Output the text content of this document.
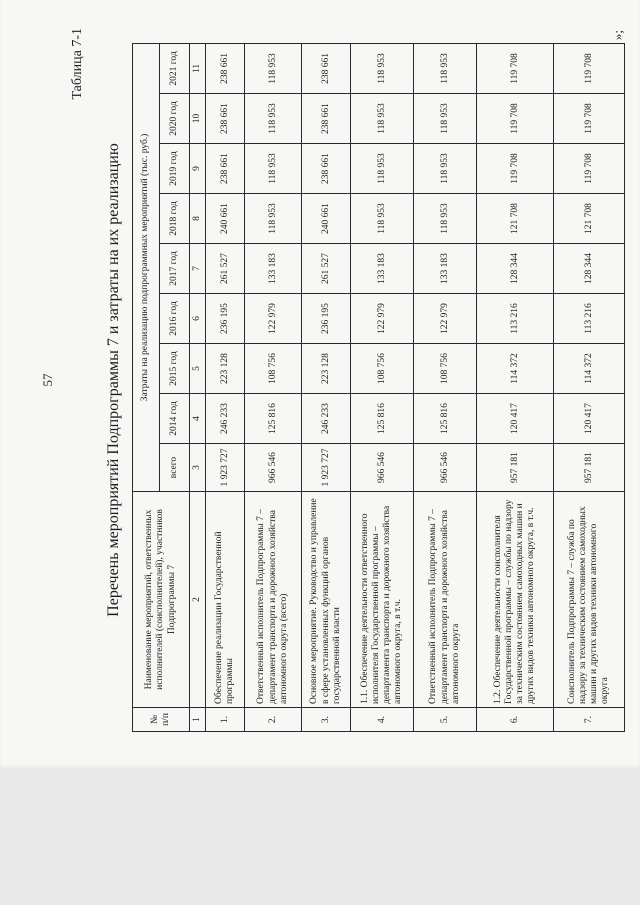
57
Таблица 7-1
Перечень мероприятий Подпрограммы 7 и затраты на их реализацию
№ п/п	Наименование мероприятий, ответственных исполнителей (соисполнителей), участников Подпрограммы 7	Затраты на реализацию подпрограммных мероприятий (тыс. руб.)								
		всего	2014 год	2015 год	2016 год	2017 год	2018 год	2019 год	2020 год	2021 год
1	2	3	4	5	6	7	8	9	10	11
1.	Обеспечение реализации Государственной программы	1 923 727	246 233	223 128	236 195	261 527	240 661	238 661	238 661	238 661
2.	Ответственный исполнитель Подпрограммы 7 – департамент транспорта и дорожного хозяйства автономного округа (всего)	966 546	125 816	108 756	122 979	133 183	118 953	118 953	118 953	118 953
3.	Основное мероприятие. Руководство и управление в сфере установленных функций органов государственной власти	1 923 727	246 233	223 128	236 195	261 527	240 661	238 661	238 661	238 661
4.	1.1. Обеспечение деятельности ответственного исполнителя Государственной программы – департамента транспорта и дорожного хозяйства автономного округа, в т.ч.	966 546	125 816	108 756	122 979	133 183	118 953	118 953	118 953	118 953
5.	Ответственный исполнитель Подпрограммы 7 – департамент транспорта и дорожного хозяйства автономного округа	966 546	125 816	108 756	122 979	133 183	118 953	118 953	118 953	118 953
6.	1.2. Обеспечение деятельности соисполнителя Государственной программы – службы по надзору за техническим состоянием самоходных машин и других видов техники автономного округа, в т.ч.	957 181	120 417	114 372	113 216	128 344	121 708	119 708	119 708	119 708
7.	Соисполнитель Подпрограммы 7 – служба по надзору за техническим состоянием самоходных машин и других видов техники автономного округа	957 181	120 417	114 372	113 216	128 344	121 708	119 708	119 708	119 708
»;
